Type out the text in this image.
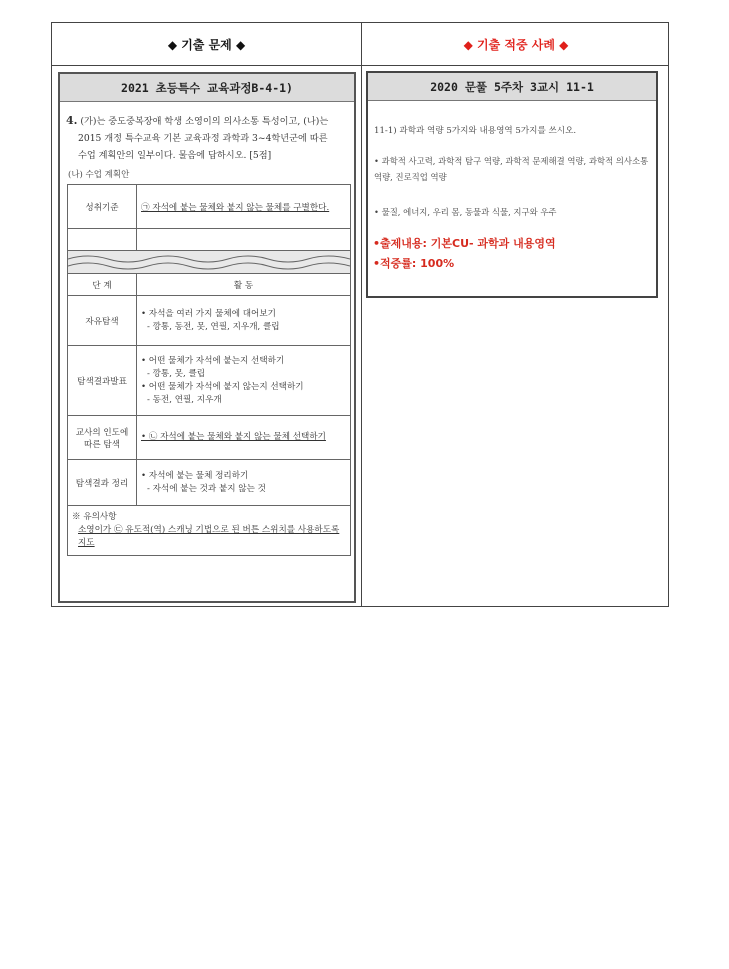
◆ 기출 문제 ◆	◆ 기출 적중 사례 ◆
2021 초등특수 교육과정B-4-1)
4. (가)는 중도중복장애 학생 소영이의 의사소통 특성이고, (나)는
2015 개정 특수교육 기본 교육과정 과학과 3~4학년군에 따른
수업 계획안의 일부이다. 물음에 답하시오. [5점]
(나) 수업 계획안
성취기준	㉠ 자석에 붙는 물체와 붙지 않는 물체를 구별한다.

단 계	활 동
자유탐색	• 자석을 여러 가지 물체에 대어보기
- 깡통, 동전, 못, 연필, 지우개, 클립

탐색결과발표	• 어떤 물체가 자석에 붙는지 선택하기
- 깡통, 못, 클립
• 어떤 물체가 자석에 붙지 않는지 선택하기
- 동전, 연필, 지우개

교사의 인도에 따른 탐색	• ㉡ 자석에 붙는 물체와 붙지 않는 물체 선택하기

탐색결과 정리	• 자석에 붙는 물체 정리하기
- 자석에 붙는 것과 붙지 않는 것

※ 유의사항
소영이가 ㉢ 유도적(역) 스캐닝 기법으로 된 버튼 스위치를 사용하도록 지도	
2020 문풀 5주차 3교시 11-1
11-1) 과학과 역량 5가지와 내용영역 5가지를 쓰시오.
• 과학적 사고력, 과학적 탐구 역량, 과학적 문제해결 역량, 과학적 의사소통 역량, 진로직업 역량
• 물질, 에너지, 우리 몸, 동물과 식물, 지구와 우주
•출제내용: 기본CU- 과학과 내용영역
•적중률: 100%
